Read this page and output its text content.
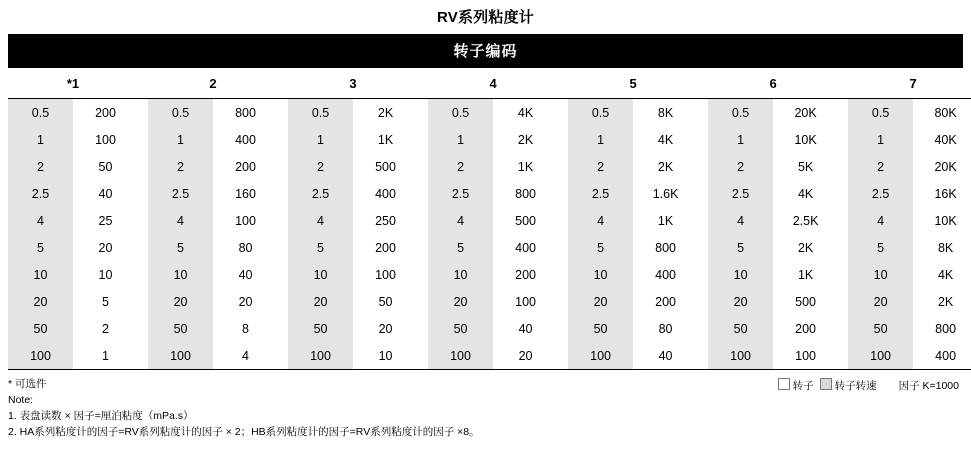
RV系列粘度计
转子编码
*1			2			3			4			5			6			7	
0.5	200		0.5	800		0.5	2K		0.5	4K		0.5	8K		0.5	20K		0.5	80K
1	100		1	400		1	1K		1	2K		1	4K		1	10K		1	40K
2	50		2	200		2	500		2	1K		2	2K		2	5K		2	20K
2.5	40		2.5	160		2.5	400		2.5	800		2.5	1.6K		2.5	4K		2.5	16K
4	25		4	100		4	250		4	500		4	1K		4	2.5K		4	10K
5	20		5	80		5	200		5	400		5	800		5	2K		5	8K
10	10		10	40		10	100		10	200		10	400		10	1K		10	4K
20	5		20	20		20	50		20	100		20	200		20	500		20	2K
50	2		50	8		50	20		50	40		50	80		50	200		50	800
100	1		100	4		100	10		100	20		100	40		100	100		100	400
* 可选件
Note:
1. 表盘读数 × 因子=厘泊粘度（mPa.s）
2. HA系列粘度计的因子=RV系列粘度计的因子 × 2；HB系列粘度计的因子=RV系列粘度计的因子 ×8。
转子	转子转速 因子 K=1000
